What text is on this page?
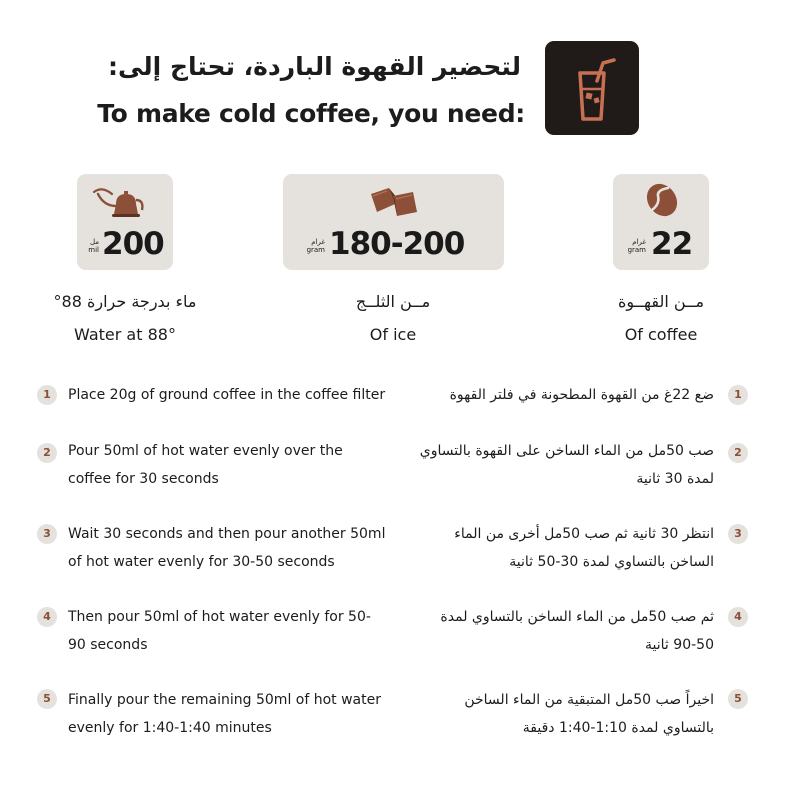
لتحضير القهوة الباردة، تحتاج إلى:
To make cold coffee, you need:
200
مل
mil	180-200
غرام
gram	22
غرام
gram
ماء بدرجة حرارة 88°
Water at 88°
مــن الثلــج
Of ice
مــن القهــوة
Of coffee
1	Place 20g of ground coffee in the coffee filter	1
ضع 22غ من القهوة المطحونة في فلتر القهوة
2	Pour 50ml of hot water evenly over the coffee for 30 seconds
2
صب 50مل من الماء الساخن على القهوة بالتساوي لمدة 30 ثانية
3	Wait 30 seconds and then pour another 50ml of hot water evenly for 30-50 seconds
3
انتظر 30 ثانية ثم صب 50مل أخرى من الماء الساخن بالتساوي لمدة 30-50 ثانية
4	Then pour 50ml of hot water evenly for 50-90 seconds
4
ثم صب 50مل من الماء الساخن بالتساوي لمدة 50-90 ثانية
5	Finally pour the remaining 50ml of hot water evenly for 1:40-1:40 minutes
5
اخيراً صب 50مل المتبقية من الماء الساخن بالتساوي لمدة 1:10-1:40 دقيقة
